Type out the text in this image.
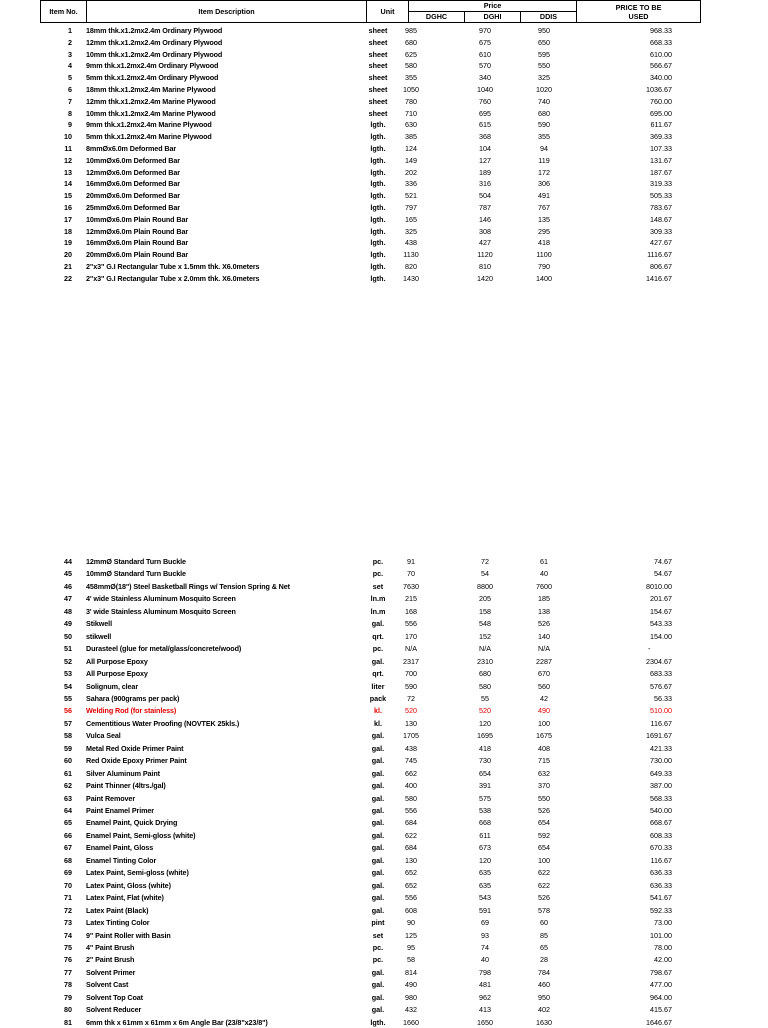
Item No.	Item Description	Unit	Price			PRICE TO BE USED
			DGHC	DGHI	DDIS	
1 18mm thk.x1.2mx2.4m Ordinary Plywood	sheet	985	970	950	968.33
2 12mm thk.x1.2mx2.4m Ordinary Plywood	sheet	680	675	650	668.33
3 10mm thk.x1.2mx2.4m Ordinary Plywood	sheet	625	610	595	610.00
4 9mm thk.x1.2mx2.4m Ordinary Plywood	sheet	580	570	550	566.67
5 5mm thk.x1.2mx2.4m Ordinary Plywood	sheet	355	340	325	340.00
6 18mm thk.x1.2mx2.4m Marine Plywood	sheet	1050	1040	1020	1036.67
7 12mm thk.x1.2mx2.4m Marine Plywood	sheet	780	760	740	760.00
8 10mm thk.x1.2mx2.4m Marine Plywood	sheet	710	695	680	695.00
9 9mm thk.x1.2mx2.4m Marine Plywood	lgth.	630	615	590	611.67
10 5mm thk.x1.2mx2.4m Marine Plywood	lgth.	385	368	355	369.33
11 8mmØx6.0m Deformed Bar	lgth.	124	104	94	107.33
12 10mmØx6.0m Deformed Bar	lgth.	149	127	119	131.67
13 12mmØx6.0m Deformed Bar	lgth.	202	189	172	187.67
14 16mmØx6.0m Deformed Bar	lgth.	336	316	306	319.33
15 20mmØx6.0m Deformed Bar	lgth.	521	504	491	505.33
16 25mmØx6.0m Deformed Bar	lgth.	797	787	767	783.67
17 10mmØx6.0m Plain Round Bar	lgth.	165	146	135	148.67
18 12mmØx6.0m Plain Round Bar	lgth.	325	308	295	309.33
19 16mmØx6.0m Plain Round Bar	lgth.	438	427	418	427.67
20 20mmØx6.0m Plain Round Bar	lgth.	1130	1120	1100	1116.67
21 2"x3" G.I Rectangular Tube x 1.5mm thk. X6.0meters	lgth.	820	810	790	806.67
22 2"x3" G.I Rectangular Tube x 2.0mm thk. X6.0meters	lgth.	1430	1420	1400	1416.67
44 12mmØ Standard Turn Buckle	pc.	91	72	61	74.67
45 10mmØ Standard Turn Buckle	pc.	70	54	40	54.67
46 458mmØ(18") Steel Basketball Rings w/ Tension Spring & Net	set	7630	8800	7600	8010.00
47 4' wide Stainless Aluminum Mosquito Screen	ln.m	215	205	185	201.67
48 3' wide Stainless Aluminum Mosquito Screen	ln.m	168	158	138	154.67
49 Stikwell	gal.	556	548	526	543.33
50 stikwell	qrt.	170	152	140	154.00
51 Durasteel (glue for metal/glass/concrete/wood)	pc.	N/A	N/A	N/A	-
52 All Purpose Epoxy	gal.	2317	2310	2287	2304.67
53 All Purpose Epoxy	qrt.	700	680	670	683.33
54 Solignum, clear	liter	590	580	560	576.67
55 Sahara (900grams per pack)	pack	72	55	42	56.33
56 Welding Rod (for stainless)	kl.	520	520	490	510.00
57 Cementitious Water Proofing (NOVTEK 25kls.)	kl.	130	120	100	116.67
58 Vulca Seal	gal.	1705	1695	1675	1691.67
59 Metal Red Oxide Primer Paint	gal.	438	418	408	421.33
60 Red Oxide Epoxy Primer Paint	gal.	745	730	715	730.00
61 Silver Aluminum Paint	gal.	662	654	632	649.33
62 Paint Thinner (4ltrs./gal)	gal.	400	391	370	387.00
63 Paint Remover	gal.	580	575	550	568.33
64 Paint Enamel Primer	gal.	556	538	526	540.00
65 Enamel Paint, Quick Drying	gal.	684	668	654	668.67
66 Enamel Paint, Semi-gloss (white)	gal.	622	611	592	608.33
67 Enamel Paint, Gloss	gal.	684	673	654	670.33
68 Enamel Tinting Color	gal.	130	120	100	116.67
69 Latex Paint, Semi-gloss (white)	gal.	652	635	622	636.33
70 Latex Paint, Gloss (white)	gal.	652	635	622	636.33
71 Latex Paint, Flat (white)	gal.	556	543	526	541.67
72 Latex Paint (Black)	gal.	608	591	578	592.33
73 Latex Tinting Color	pint	90	69	60	73.00
74 9" Paint Roller with Basin	set	125	93	85	101.00
75 4" Paint Brush	pc.	95	74	65	78.00
76 2" Paint Brush	pc.	58	40	28	42.00
77 Solvent Primer	gal.	814	798	784	798.67
78 Solvent Cast	gal.	490	481	460	477.00
79 Solvent Top Coat	gal.	980	962	950	964.00
80 Solvent Reducer	gal.	432	413	402	415.67
81 6mm thk x 61mm x 61mm x 6m Angle Bar (23/8"x23/8")	lgth.	1660	1650	1630	1646.67
